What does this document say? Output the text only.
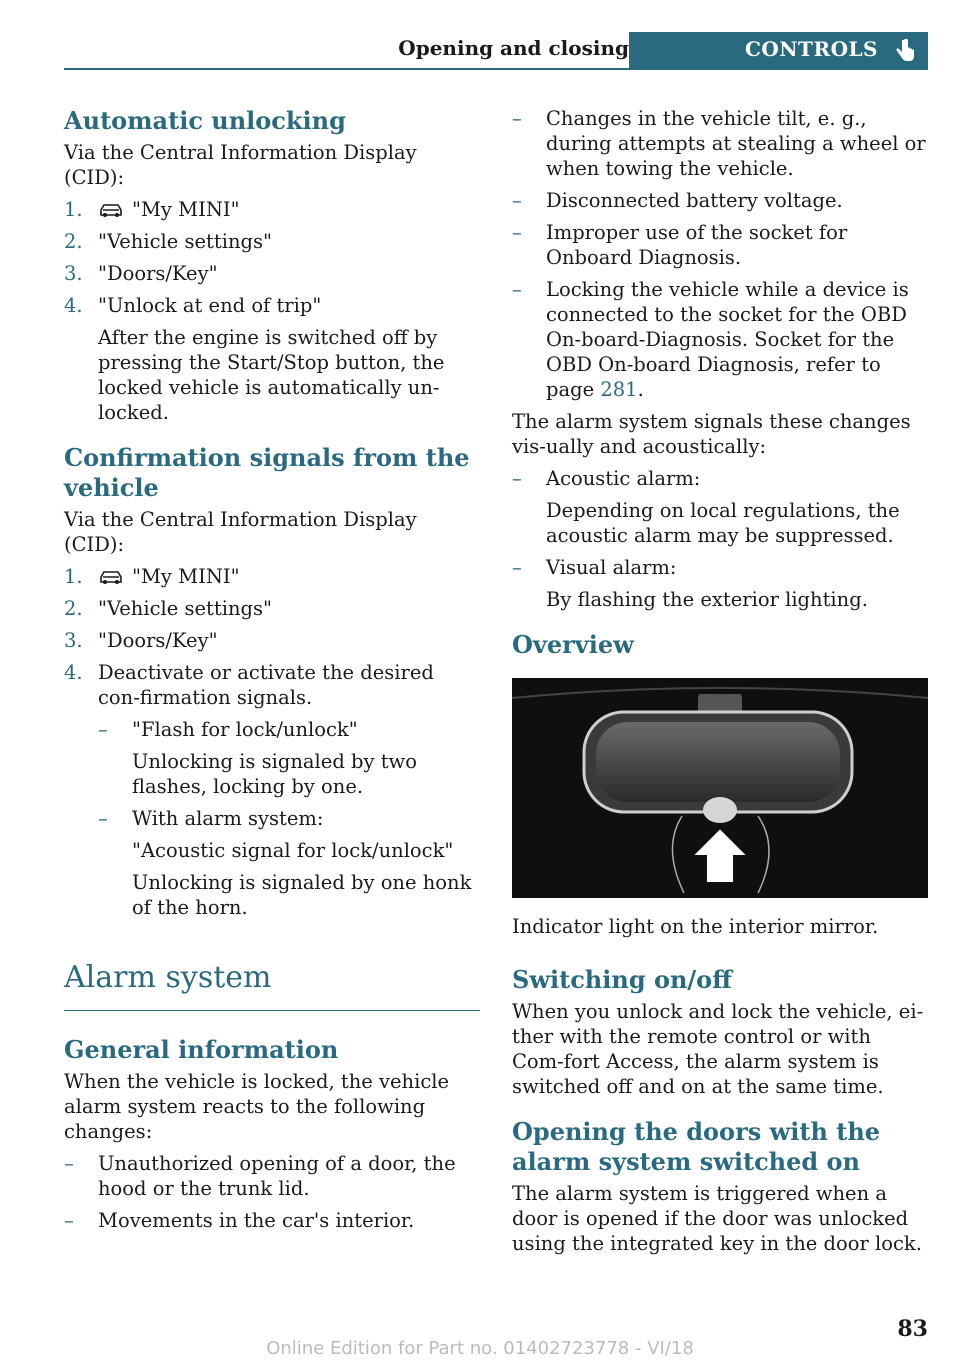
Opening and closing	CONTROLS
Automatic unlocking

Via the Central Information Display (CID):

1.	"My MINI"
2. "Vehicle settings"
3. "Doors/Key"
4. "Unlock at end of trip"
After the engine is switched off by pressing the Start/Stop button, the locked vehicle is automatically un-locked.
Confirmation signals from the vehicle

Via the Central Information Display (CID):

1.	"My MINI"
2. "Vehicle settings"
3. "Doors/Key"
4. Deactivate or activate the desired con-firmation signals.
– "Flash for lock/unlock"
Unlocking is signaled by two flashes, locking by one.
– With alarm system:
"Acoustic signal for lock/unlock"
Unlocking is signaled by one honk of the horn.
Alarm system
General information

When the vehicle is locked, the vehicle alarm system reacts to the following changes:

– Unauthorized opening of a door, the hood or the trunk lid.
– Movements in the car's interior.
– Changes in the vehicle tilt, e. g., during attempts at stealing a wheel or when towing the vehicle.
– Disconnected battery voltage.
– Improper use of the socket for Onboard Diagnosis.
– Locking the vehicle while a device is connected to the socket for the OBD On-board-Diagnosis. Socket for the OBD On-board Diagnosis, refer to page 281.

The alarm system signals these changes vis-ually and acoustically:

– Acoustic alarm:
Depending on local regulations, the acoustic alarm may be suppressed.
– Visual alarm:
By flashing the exterior lighting.
Overview

Indicator light on the interior mirror.

Switching on/off

When you unlock and lock the vehicle, ei-ther with the remote control or with Com-fort Access, the alarm system is switched off and on at the same time.

Opening the doors with the alarm system switched on

The alarm system is triggered when a door is opened if the door was unlocked using the integrated key in the door lock.

83
Online Edition for Part no. 01402723778 - VI/18
